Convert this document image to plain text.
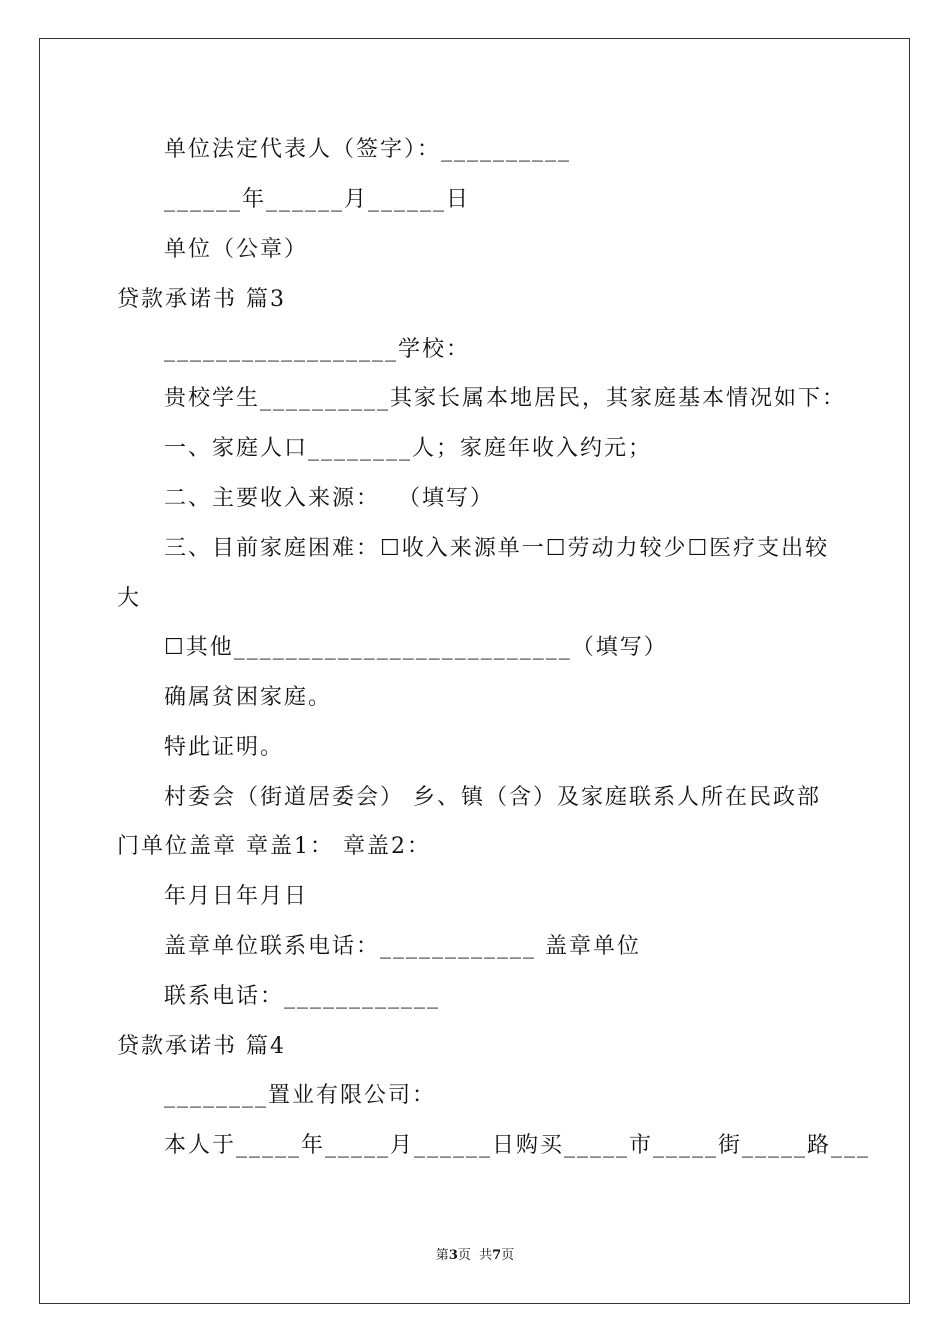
单位法定代表人（签字）：__________
______年______月______日
单位（公章）
贷款承诺书 篇3
__________________学校：
贵校学生__________其家长属本地居民，其家庭基本情况如下：
一、家庭人口________人；家庭年收入约元；
二、主要收入来源：  （填写）
三、目前家庭困难：☐收入来源单一☐劳动力较少☐医疗支出较
大
☐其他__________________________（填写）
确属贫困家庭。
特此证明。
村委会（街道居委会） 乡、镇（含）及家庭联系人所在民政部
门单位盖章 章盖1： 章盖2：
年月日年月日
盖章单位联系电话：____________ 盖章单位
联系电话：____________
贷款承诺书 篇4
________置业有限公司：
本人于_____年_____月______日购买_____市_____街_____路___
第3页  共7页
